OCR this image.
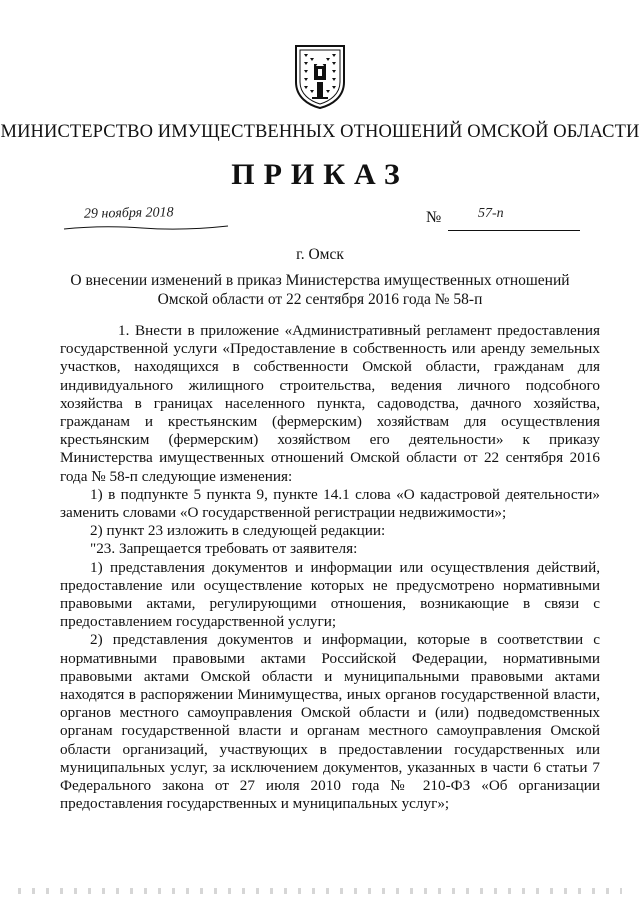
МИНИСТЕРСТВО ИМУЩЕСТВЕННЫХ ОТНОШЕНИЙ ОМСКОЙ ОБЛАСТИ
ПРИКАЗ
29 ноября 2018	№	57-п
г. Омск
О внесении изменений в приказ Министерства имущественных отношений
Омской области от 22 сентября 2016 года № 58-п

1. Внести в приложение «Административный регламент предоставления государственной услуги «Предоставление в собственность или аренду земельных участков, находящихся в собственности Омской области, гражданам для индивидуального жилищного строительства, ведения личного подсобного хозяйства в границах населенного пункта, садоводства, дачного хозяйства, гражданам и крестьянским (фермерским) хозяйствам для осуществления крестьянским (фермерским) хозяйством его деятельности» к приказу Министерства имущественных отношений Омской области от 22 сентября 2016 года № 58-п следующие изменения:

1) в подпункте 5 пункта 9, пункте 14.1 слова «О кадастровой деятельности» заменить словами «О государственной регистрации недвижимости»;

2) пункт 23 изложить в следующей редакции:

"23. Запрещается требовать от заявителя:

1) представления документов и информации или осуществления действий, предоставление или осуществление которых не предусмотрено нормативными правовыми актами, регулирующими отношения, возникающие в связи с предоставлением государственной услуги;

2) представления документов и информации, которые в соответствии с нормативными правовыми актами Российской Федерации, нормативными правовыми актами Омской области и муниципальными правовыми актами находятся в распоряжении Минимущества, иных органов государственной власти, органов местного самоуправления Омской области и (или) подведомственных органам государственной власти и органам местного самоуправления Омской области организаций, участвующих в предоставлении государственных или муниципальных услуг, за исключением документов, указанных в части 6 статьи 7 Федерального закона от 27 июля 2010 года № 210-ФЗ «Об организации предоставления государственных и муниципальных услуг»;
